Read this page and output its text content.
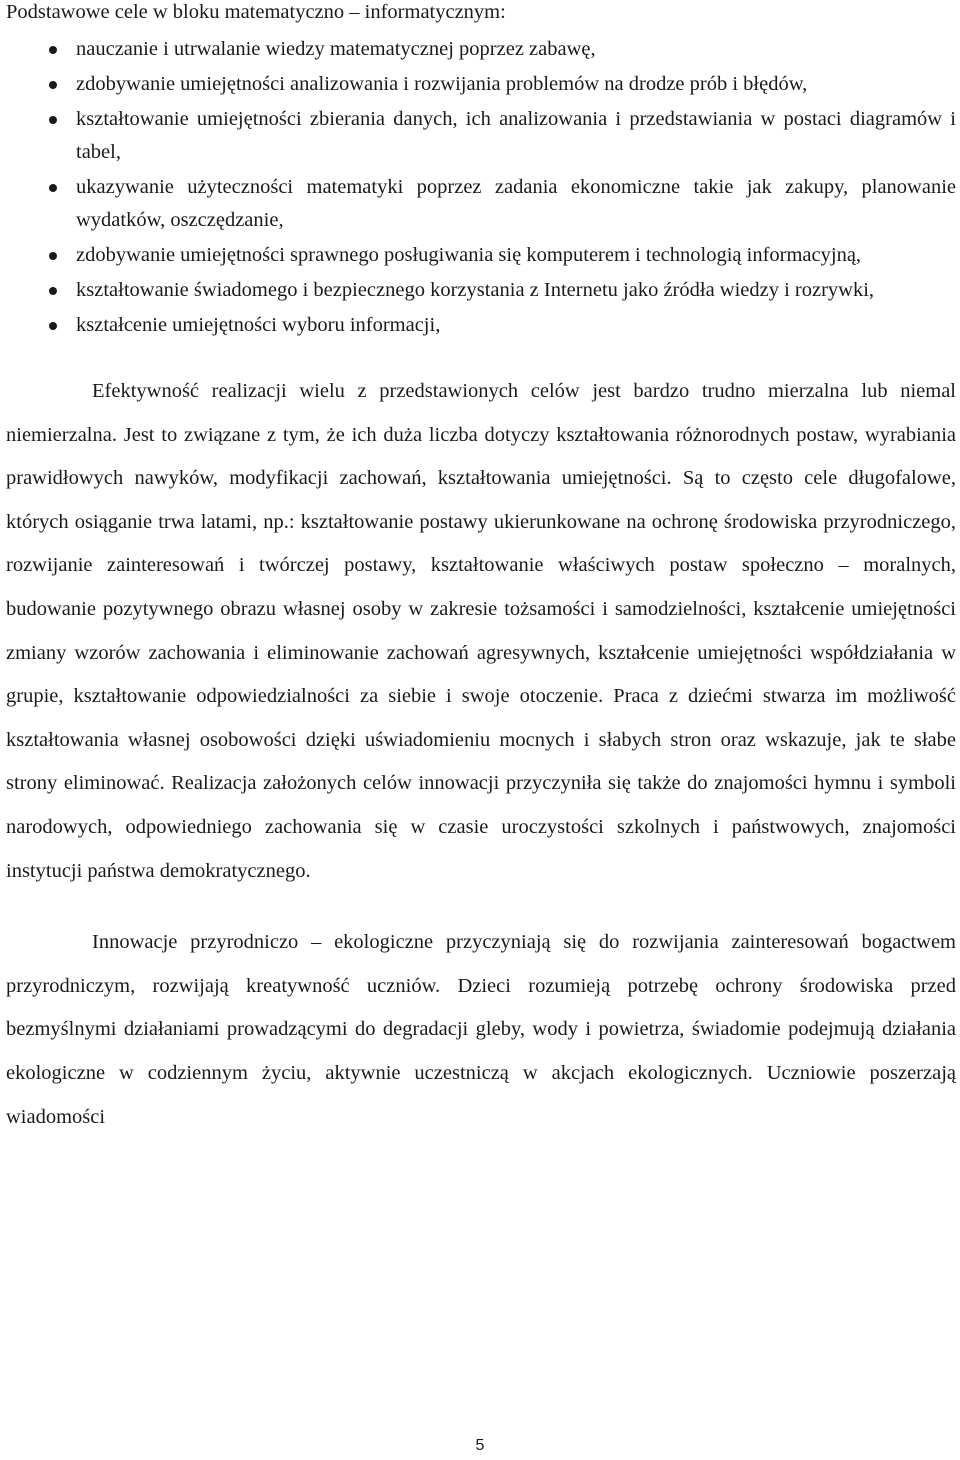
Podstawowe cele w bloku matematyczno – informatycznym:

nauczanie i utrwalanie wiedzy matematycznej poprzez zabawę,
zdobywanie umiejętności analizowania i rozwijania problemów na drodze prób i błędów,
kształtowanie umiejętności zbierania danych, ich analizowania i przedstawiania w postaci diagramów i tabel,
ukazywanie użyteczności matematyki poprzez zadania ekonomiczne takie jak zakupy, planowanie wydatków, oszczędzanie,
zdobywanie umiejętności sprawnego posługiwania się komputerem i technologią informacyjną,
kształtowanie świadomego i bezpiecznego korzystania z Internetu jako źródła wiedzy i rozrywki,
kształcenie umiejętności wyboru informacji,

Efektywność realizacji wielu z przedstawionych celów jest bardzo trudno mierzalna lub niemal niemierzalna. Jest to związane z tym, że ich duża liczba dotyczy kształtowania różnorodnych postaw, wyrabiania prawidłowych nawyków, modyfikacji zachowań, kształtowania umiejętności. Są to często cele długofalowe, których osiąganie trwa latami, np.: kształtowanie postawy ukierunkowane na ochronę środowiska przyrodniczego, rozwijanie zainteresowań i twórczej postawy, kształtowanie właściwych postaw społeczno – moralnych, budowanie pozytywnego obrazu własnej osoby w zakresie tożsamości i samodzielności, kształcenie umiejętności zmiany wzorów zachowania i eliminowanie zachowań agresywnych, kształcenie umiejętności współdziałania w grupie, kształtowanie odpowiedzialności za siebie i swoje otoczenie. Praca z dziećmi stwarza im możliwość kształtowania własnej osobowości dzięki uświadomieniu mocnych i słabych stron oraz wskazuje, jak te słabe strony eliminować. Realizacja założonych celów innowacji przyczyniła się także do znajomości hymnu i symboli narodowych, odpowiedniego zachowania się w czasie uroczystości szkolnych i państwowych, znajomości instytucji państwa demokratycznego.

Innowacje przyrodniczo – ekologiczne przyczyniają się do rozwijania zainteresowań bogactwem przyrodniczym, rozwijają kreatywność uczniów. Dzieci rozumieją potrzebę ochrony środowiska przed bezmyślnymi działaniami prowadzącymi do degradacji gleby, wody i powietrza, świadomie podejmują działania ekologiczne w codziennym życiu, aktywnie uczestniczą w akcjach ekologicznych. Uczniowie poszerzają wiadomości

5
